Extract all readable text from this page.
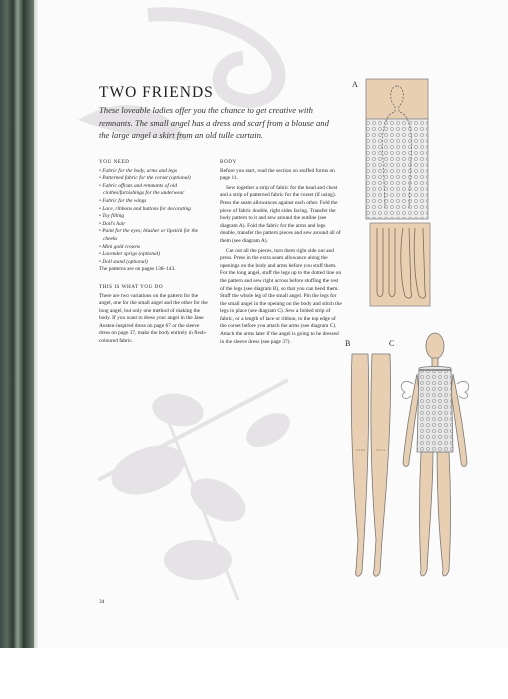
TWO FRIENDS

These loveable ladies offer you the chance to get creative with remnants. The small angel has a dress and scarf from a blouse and the large angel a skirt from an old tulle curtain.

YOU NEED
• Fabric for the body, arms and legs
• Patterned fabric for the corset (optional)
• Fabric offcuts and remnants of old clothes/furnishings for the underwear
• Fabric for the wings
• Lace, ribbons and buttons for decorating
• Toy filling
• Doll's hair
• Paint for the eyes; blusher or lipstick for the cheeks
• Mini gold crowns
• Lavender sprigs (optional)
• Doll stand (optional)

The patterns are on pages 138–143.

THIS IS WHAT YOU DO

There are two variations on the pattern for the angel, one for the small angel and the other for the long angel, but only one method of making the body. If you want to dress your angel in the Jane Austen-inspired dress on page 67 or the sleeve dress on page 37, make the body entirely in flesh-coloured fabric.

BODY

Before you start, read the section on stuffed forms on page 11.

Sew together a strip of fabric for the head and chest and a strip of patterned fabric for the corset (if using). Press the seam allowances against each other. Fold the piece of fabric double, right sides facing. Transfer the body pattern to it and sew around the outline (see diagram A). Fold the fabric for the arms and legs double, transfer the pattern pieces and sew around all of them (see diagram A).

Cut out all the pieces, turn them right side out and press. Press in the extra seam allowance along the openings on the body and arms before you stuff them. For the long angel, stuff the legs up to the dotted line on the pattern and sew right across before stuffing the rest of the legs (see diagram B), so that you can bend them. Stuff the whole leg of the small angel. Pin the legs for the small angel in the opening on the body and stitch the legs in place (see diagram C). Sew a folded strip of fabric, or a length of lace or ribbon, to the top edge of the corset before you attach the arms (see diagram C). Attach the arms later if the angel is going to be dressed in the sleeve dress (see page 37).

34
A
B	C
